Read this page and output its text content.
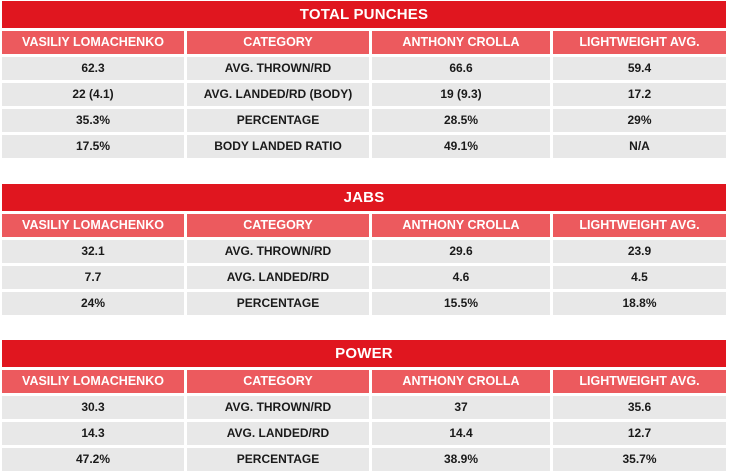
TOTAL PUNCHES
VASILIY LOMACHENKO	CATEGORY	ANTHONY CROLLA	LIGHTWEIGHT AVG.
62.3	AVG. THROWN/RD	66.6	59.4
22 (4.1)	AVG. LANDED/RD (BODY)	19 (9.3)	17.2
35.3%	PERCENTAGE	28.5%	29%
17.5%	BODY LANDED RATIO	49.1%	N/A
JABS
VASILIY LOMACHENKO	CATEGORY	ANTHONY CROLLA	LIGHTWEIGHT AVG.
32.1	AVG. THROWN/RD	29.6	23.9
7.7	AVG. LANDED/RD	4.6	4.5
24%	PERCENTAGE	15.5%	18.8%
POWER
VASILIY LOMACHENKO	CATEGORY	ANTHONY CROLLA	LIGHTWEIGHT AVG.
30.3	AVG. THROWN/RD	37	35.6
14.3	AVG. LANDED/RD	14.4	12.7
47.2%	PERCENTAGE	38.9%	35.7%
